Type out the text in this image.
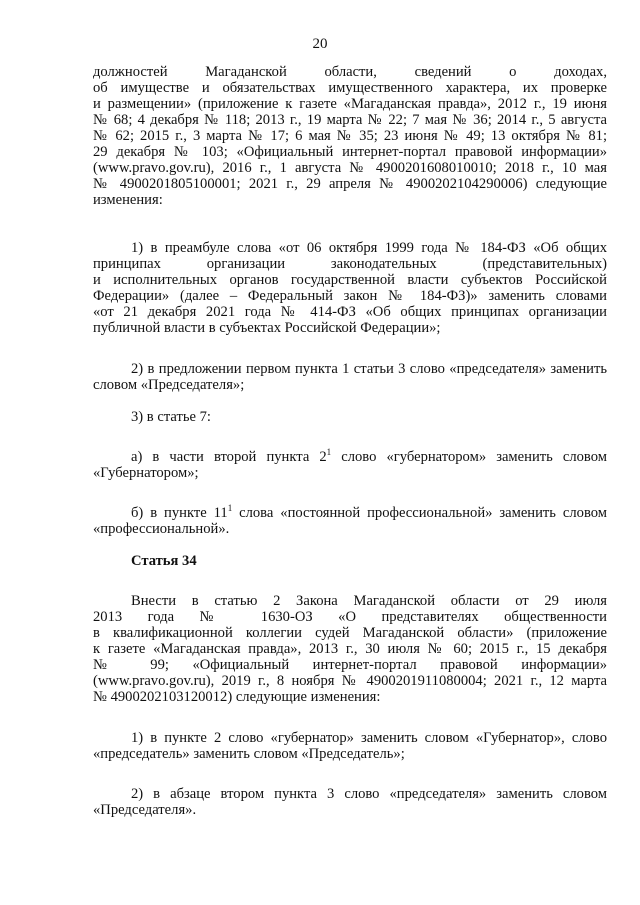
20
должностей Магаданской области, сведений о доходах,
об имуществе и обязательствах имущественного характера, их проверке
и размещении» (приложение к газете «Магаданская правда», 2012 г., 19 июня
№ 68; 4 декабря № 118; 2013 г., 19 марта № 22; 7 мая № 36; 2014 г., 5 августа
№ 62; 2015 г., 3 марта № 17; 6 мая № 35; 23 июня № 49; 13 октября № 81;
29 декабря № 103; «Официальный интернет-портал правовой информации»
(www.pravo.gov.ru), 2016 г., 1 августа № 4900201608010010; 2018 г., 10 мая
№ 4900201805100001; 2021 г., 29 апреля № 4900202104290006) следующие
изменения:
1) в преамбуле слова «от 06 октября 1999 года № 184-ФЗ «Об общих
принципах организации законодательных (представительных)
и исполнительных органов государственной власти субъектов Российской
Федерации» (далее – Федеральный закон № 184-ФЗ)» заменить словами
«от 21 декабря 2021 года № 414-ФЗ «Об общих принципах организации
публичной власти в субъектах Российской Федерации»;
2) в предложении первом пункта 1 статьи 3 слово «председателя» заменить
словом «Председателя»;
3) в статье 7:
а) в части второй пункта $2^1$ слово «губернатором» заменить словом
«Губернатором»;
б) в пункте $11^1$ слова «постоянной профессиональной» заменить словом
«профессиональной».
Статья 34
Внести в статью 2 Закона Магаданской области от 29 июля
2013 года № 1630-ОЗ «О представителях общественности
в квалификационной коллегии судей Магаданской области» (приложение
к газете «Магаданская правда», 2013 г., 30 июля № 60; 2015 г., 15 декабря
№ 99; «Официальный интернет-портал правовой информации»
(www.pravo.gov.ru), 2019 г., 8 ноября № 4900201911080004; 2021 г., 12 марта
№ 4900202103120012) следующие изменения:
1) в пункте 2 слово «губернатор» заменить словом «Губернатор», слово
«председатель» заменить словом «Председатель»;
2) в абзаце втором пункта 3 слово «председателя» заменить словом
«Председателя».
